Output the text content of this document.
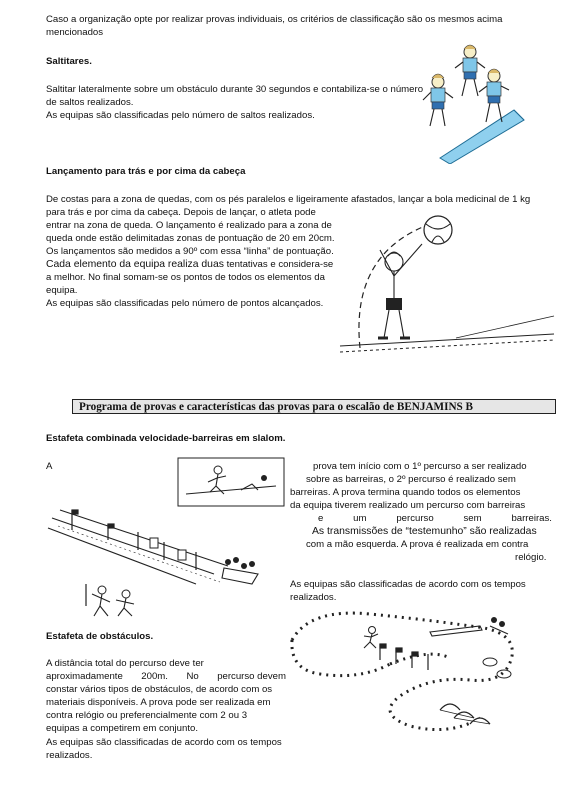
Caso a organização opte por realizar provas individuais, os critérios de classificação são os mesmos acima

mencionados

Saltitares.

Saltitar lateralmente sobre um obstáculo durante 30 segundos e contabiliza-se o número

de saltos realizados.

As equipas são classificadas pelo número de saltos realizados.

Lançamento para trás e por cima da cabeça

De costas para a zona de quedas, com os pés paralelos e ligeiramente afastados, lançar a bola medicinal de 1 kg

para trás e por cima da cabeça. Depois de lançar, o atleta pode

entrar na zona de queda. O lançamento é realizado para a zona de

queda onde estão delimitadas zonas de pontuação de 20 em 20cm.

Os lançamentos são medidos a 90º com essa “linha” de pontuação.

Cada elemento da equipa realiza duas tentativas e considera-se

a melhor. No final somam-se os pontos de todos os elementos da

equipa.

As equipas são classificadas pelo número de pontos alcançados.

Programa de provas e características das provas para o escalão de BENJAMINS B

Estafeta combinada velocidade-barreiras em slalom.

A	prova tem início com o 1º percurso a ser realizado

sobre as barreiras, o 2º percurso é realizado sem

barreiras. A prova termina quando todos os elementos

da equipa tiverem realizado um percurso com barreiras

e	um	percurso	sem	barreiras.

As transmissões de “testemunho” são realizadas

com a mão esquerda. A prova é realizada em contra

relógio.

As equipas são classificadas de acordo com os tempos

realizados.

Estafeta de obstáculos.

A distância total do percurso deve ter

aproximadamente 200m. No percurso devem

constar vários tipos de obstáculos, de acordo com os

materiais disponíveis. A prova pode ser realizada em

contra relógio ou preferencialmente com 2 ou 3

equipas a competirem em conjunto.

As equipas são classificadas de acordo com os tempos

realizados.
